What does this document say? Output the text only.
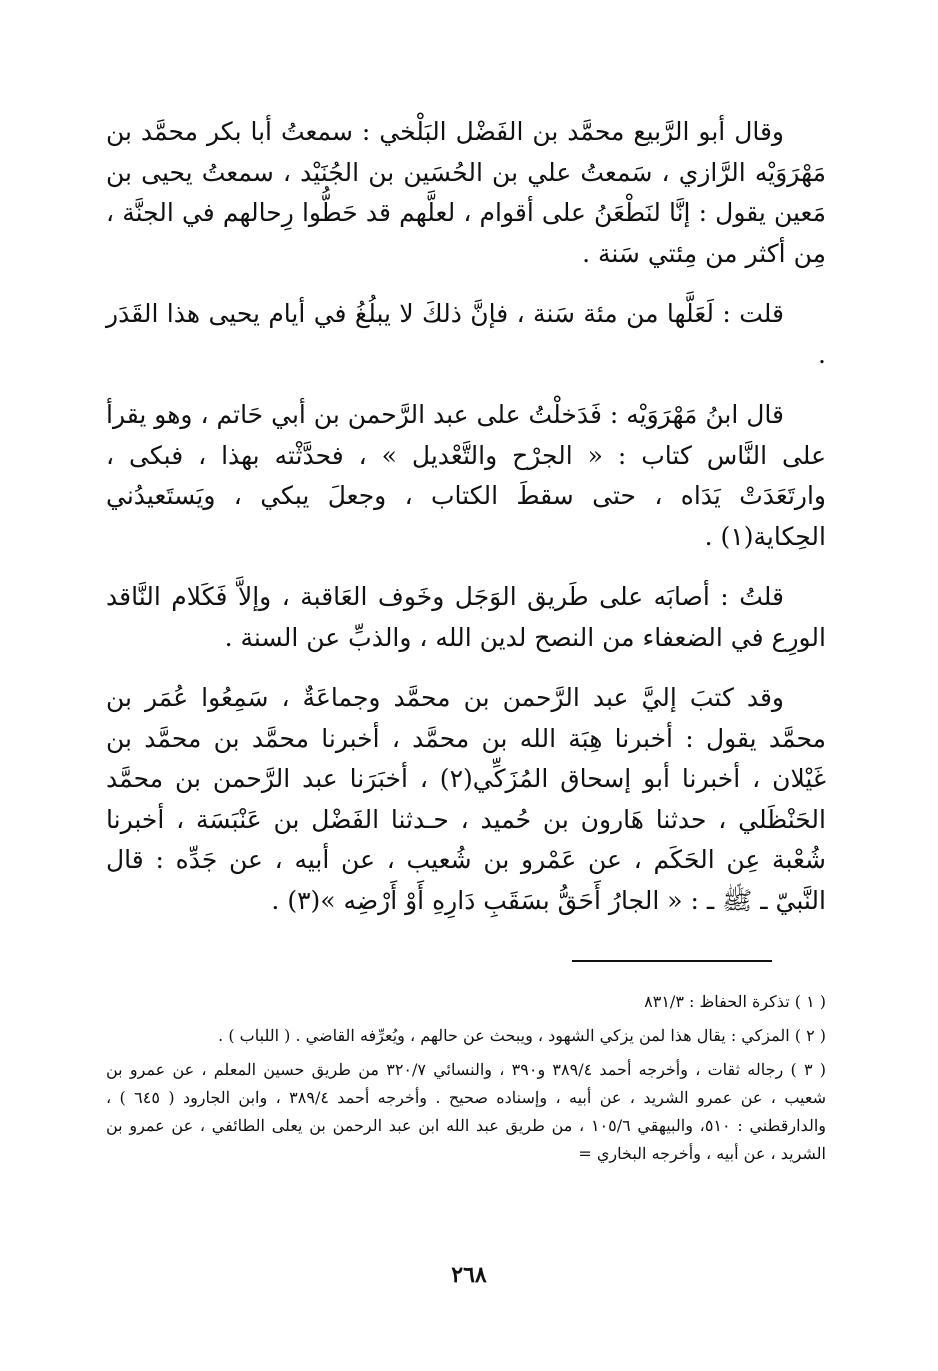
وقال أبو الرَّبيع محمَّد بن الفَضْل البَلْخي : سمعتُ أبا بكر محمَّد بن مَهْرَوَيْه الرَّازي ، سَمعتُ علي بن الحُسَين بن الجُنَيْد ، سمعتُ يحيى بن مَعين يقول : إنَّا لنَطْعَنُ على أقوام ، لعلَّهم قد حَطُّوا رِحالهم في الجنَّة ، مِن أكثر من مِئتي سَنة .

قلت : لَعَلَّها من مئة سَنة ، فإنَّ ذلكَ لا يبلُغُ في أيام يحيى هذا القَدَر .

قال ابنُ مَهْرَوَيْه : فَدَخلْتُ على عبد الرَّحمن بن أبي حَاتم ، وهو يقرأ على النَّاس كتاب : « الجرْح والتَّعْديل » ، فحدَّثْته بهذا ، فبكى ، وارتَعَدَتْ يَدَاه ، حتى سقطَ الكتاب ، وجعلَ يبكي ، ويَستَعيدُني الحِكاية(١) .

قلتُ : أصابَه على طَريق الوَجَل وخَوف العَاقبة ، وإلاَّ فَكَلام النَّاقد الورِع في الضعفاء من النصح لدين الله ، والذبِّ عن السنة .

وقد كتبَ إليَّ عبد الرَّحمن بن محمَّد وجماعَةٌ ، سَمِعُوا عُمَر بن محمَّد يقول : أخبرنا هِبَة الله بن محمَّد ، أخبرنا محمَّد بن محمَّد بن غَيْلان ، أخبرنا أبو إسحاق المُزَكِّي(٢) ، أخبَرَنا عبد الرَّحمن بن محمَّد الحَنْظَلي ، حدثنا هَارون بن حُميد ، حـدثنا الفَضْل بن عَنْبَسَة ، أخبرنا شُعْبة عِن الحَكَم ، عن عَمْرو بن شُعيب ، عن أبيه ، عن جَدِّه : قال النَّبيّ ـ ﷺ ـ : « الجارُ أَحَقُّ بسَقَبِ دَارِهِ أَوْ أَرْضِه »(٣) .

( ١ ) تذكرة الحفاظ : ٨٣١/٣

( ٢ ) المزكي : يقال هذا لمن يزكي الشهود ، ويبحث عن حالهم ، ويُعرِّفه القاضي . ( اللباب ) .

( ٣ ) رجاله ثقات ، وأخرجه أحمد ٣٨٩/٤ و٣٩٠ ، والنسائي ٣٢٠/٧ من طريق حسين المعلم ، عن عمرو بن شعيب ، عن عمرو الشريد ، عن أبيه ، وإسناده صحيح . وأخرجه أحمد ٣٨٩/٤ ، وابن الجارود ( ٦٤٥ ) ، والدارقطني : ٥١٠، والبيهقي ١٠٥/٦ ، من طريق عبد الله ابن عبد الرحمن بن يعلى الطائفي ، عن عمرو بن الشريد ، عن أبيه ، وأخرجه البخاري =

٢٦٨
